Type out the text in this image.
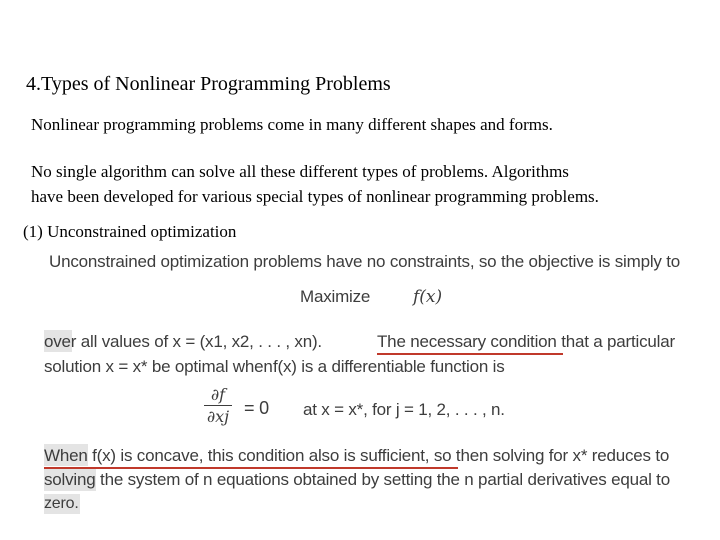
4.Types of Nonlinear Programming Problems
Nonlinear programming problems come in many different shapes and forms.
No single algorithm can solve all these different types of problems. Algorithms
have been developed for various special types of nonlinear programming problems.
(1) Unconstrained optimization
Unconstrained optimization problems have no constraints, so the objective is simply to
Maximize	f(x)
over all values of x = (x1, x2, . . . , xn).	The necessary condition that a particular
solution x = x* be optimal when f(x) is a differentiable function is
∂f
∂xj = 0 at x = x*, for j = 1, 2, . . . , n.
When f(x) is concave, this condition also is sufficient, so then solving for x* reduces to
solving the system of n equations obtained by setting the n partial derivatives equal to
zero.
